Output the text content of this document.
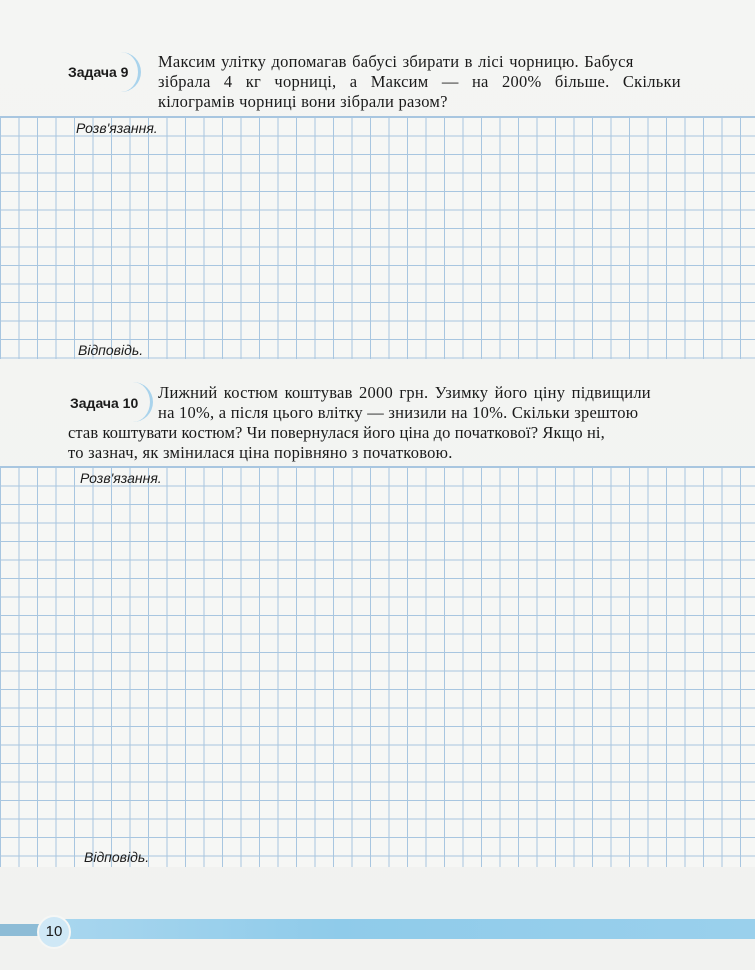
Задача 9
Максим улітку допомагав бабусі збирати в лісі чорницю. Бабуся
зібрала 4 кг чорниці, а Максим — на 200% більше. Скільки
кілограмів чорниці вони зібрали разом?
Розв'язання.
Відповідь.
Задача 10
Лижний костюм коштував 2000 грн. Узимку його ціну підвищили
на 10%, а після цього влітку — знизили на 10%. Скільки зрештою
став коштувати костюм? Чи повернулася його ціна до початкової? Якщо ні,
то зазнач, як змінилася ціна порівняно з початковою.
Розв'язання.
Відповідь.
10
